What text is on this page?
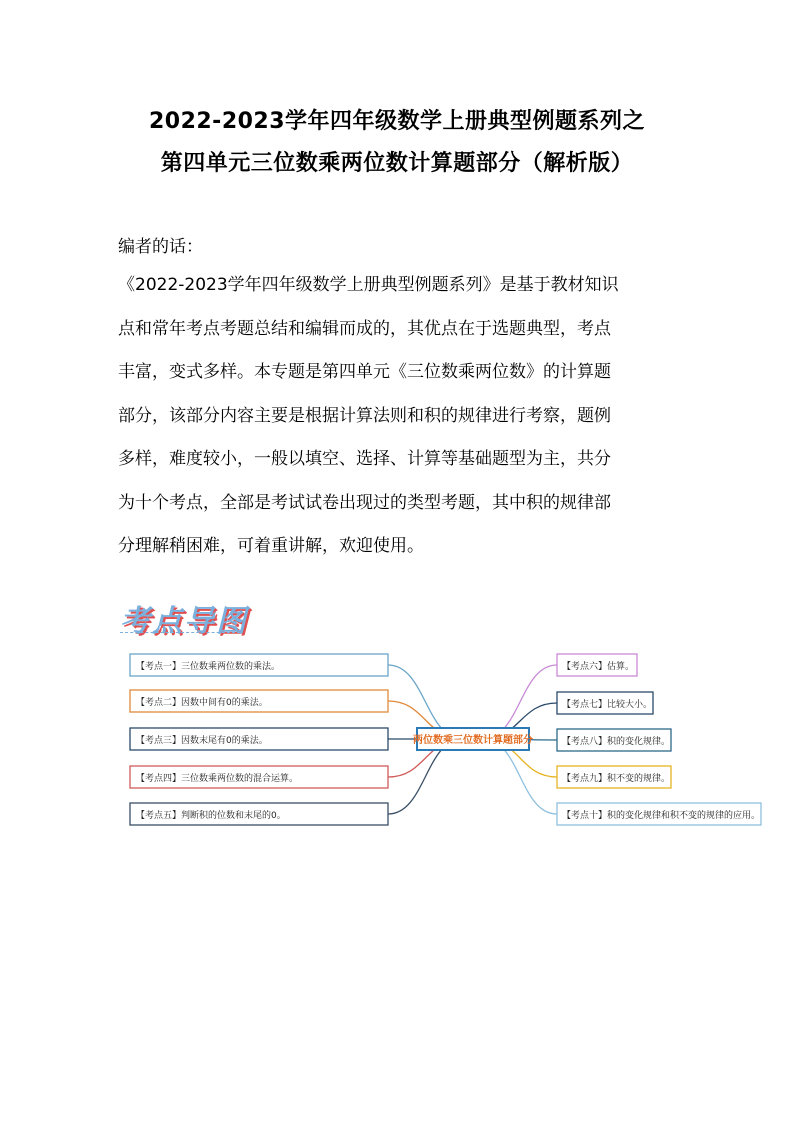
2022-2023学年四年级数学上册典型例题系列之
第四单元三位数乘两位数计算题部分（解析版）
编者的话：
《2022-2023学年四年级数学上册典型例题系列》是基于教材知识
点和常年考点考题总结和编辑而成的，其优点在于选题典型，考点
丰富，变式多样。本专题是第四单元《三位数乘两位数》的计算题
部分，该部分内容主要是根据计算法则和积的规律进行考察，题例
多样，难度较小，一般以填空、选择、计算等基础题型为主，共分
为十个考点，全部是考试试卷出现过的类型考题，其中积的规律部
分理解稍困难，可着重讲解，欢迎使用。
考点导图
【考点一】三位数乘两位数的乘法。
【考点二】因数中间有0的乘法。
【考点三】因数末尾有0的乘法。
【考点四】三位数乘两位数的混合运算。
【考点五】判断积的位数和末尾的0。
两位数乘三位数计算题部分
【考点六】估算。
【考点七】比较大小。
【考点八】积的变化规律。
【考点九】积不变的规律。
【考点十】积的变化规律和积不变的规律的应用。
